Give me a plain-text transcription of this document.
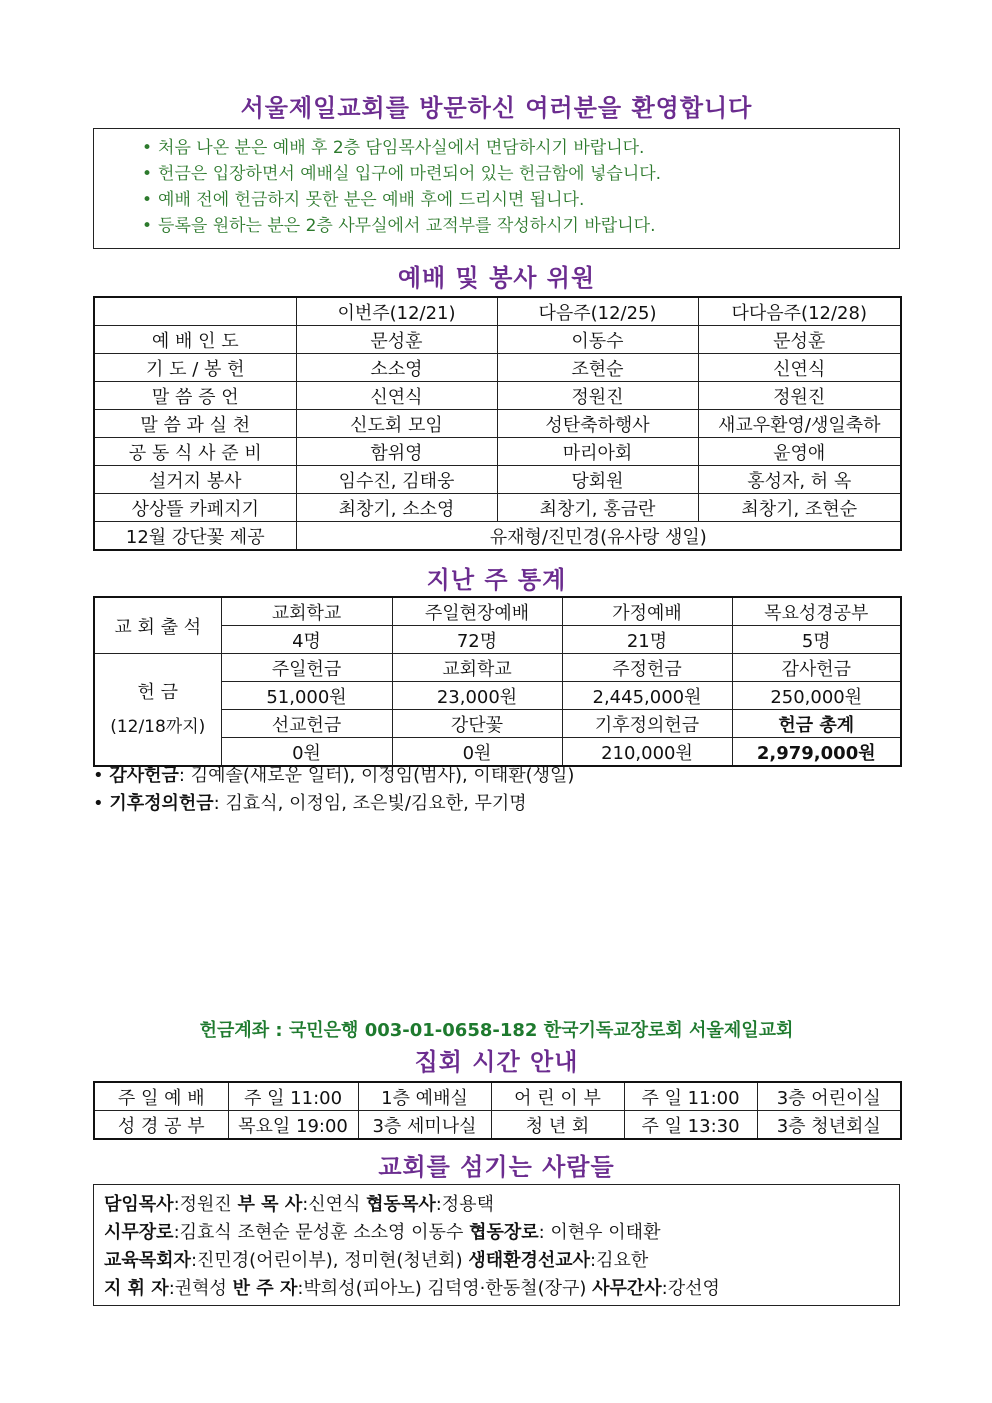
서울제일교회를 방문하신 여러분을 환영합니다
• 처음 나온 분은 예배 후 2층 담임목사실에서 면담하시기 바랍니다.
• 헌금은 입장하면서 예배실 입구에 마련되어 있는 헌금함에 넣습니다.
• 예배 전에 헌금하지 못한 분은 예배 후에 드리시면 됩니다.
• 등록을 원하는 분은 2층 사무실에서 교적부를 작성하시기 바랍니다.
예배 및 봉사 위원
	이번주(12/21)	다음주(12/25)	다다음주(12/28)
예 배 인 도	문성훈	이동수	문성훈
기 도 / 봉 헌	소소영	조현순	신연식
말 씀 증 언	신연식	정원진	정원진
말 씀 과 실 천	신도회 모임	성탄축하행사	새교우환영/생일축하
공 동 식 사 준 비	함위영	마리아회	윤영애
설거지 봉사	임수진, 김태웅	당회원	홍성자, 허 옥
상상뜰 카페지기	최창기, 소소영	최창기, 홍금란	최창기, 조현순
12월 강단꽃 제공	유재형/진민경(유사랑 생일)		
지난 주 통계
교 회 출 석	교회학교	주일현장예배	가정예배	목요성경공부
	4명	72명	21명	5명

헌 금
(12/18까지)	주일헌금	교회학교	주정헌금	감사헌금
	51,000원	23,000원	2,445,000원	250,000원
	선교헌금	강단꽃	기후정의헌금	헌금 총계
	0원	0원	210,000원	2,979,000원
• 감사헌금: 김예솔(새로운 일터), 이정임(범사), 이태환(생일)
• 기후정의헌금: 김효식, 이정임, 조은빛/김요한, 무기명
헌금계좌 : 국민은행 003-01-0658-182 한국기독교장로회 서울제일교회
집회 시간 안내
주 일 예 배	주 일 11:00	1층 예배실	어 린 이 부	주 일 11:00	3층 어린이실
성 경 공 부	목요일 19:00	3층 세미나실	청 년 회	주 일 13:30	3층 청년회실
교회를 섬기는 사람들
담임목사:정원진 부 목 사:신연식 협동목사:정용택
시무장로:김효식 조현순 문성훈 소소영 이동수 협동장로: 이현우 이태환
교육목회자:진민경(어린이부), 정미현(청년회) 생태환경선교사:김요한
지 휘 자:권혁성 반 주 자:박희성(피아노) 김덕영·한동철(장구) 사무간사:강선영
